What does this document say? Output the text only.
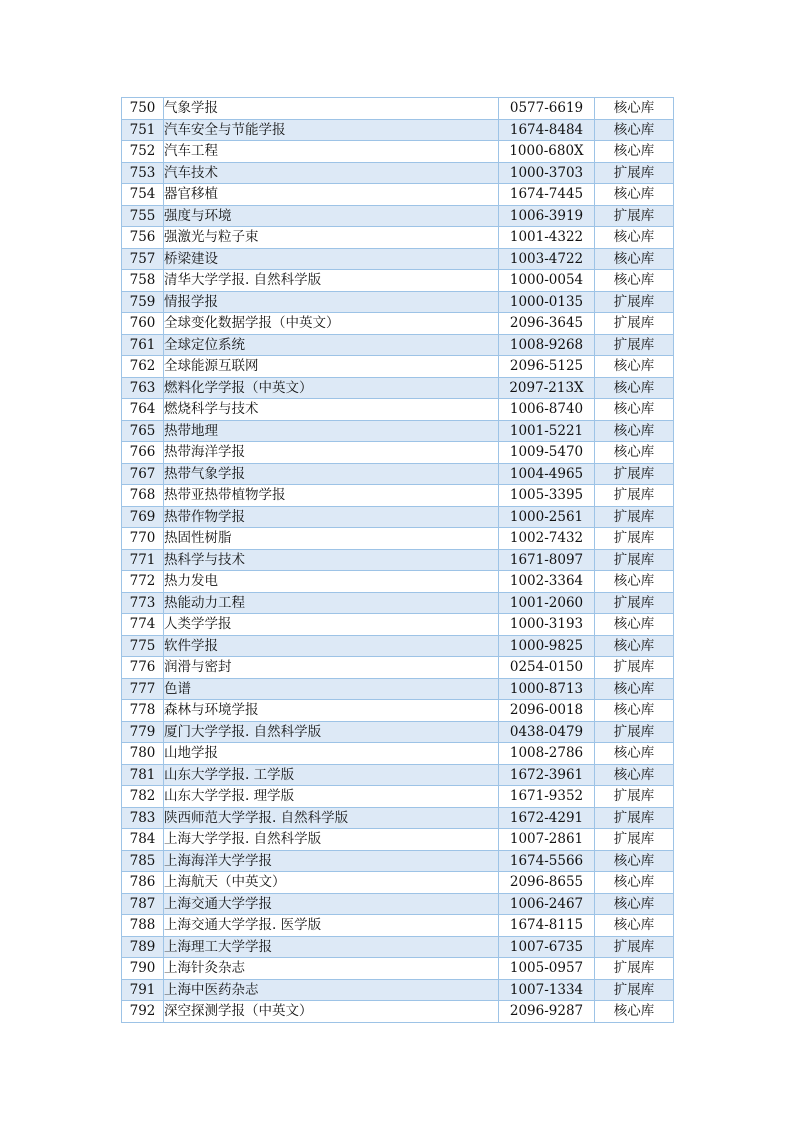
750	气象学报	0577-6619	核心库
751	汽车安全与节能学报	1674-8484	核心库
752	汽车工程	1000-680X	核心库
753	汽车技术	1000-3703	扩展库
754	器官移植	1674-7445	核心库
755	强度与环境	1006-3919	扩展库
756	强激光与粒子束	1001-4322	核心库
757	桥梁建设	1003-4722	核心库
758	清华大学学报. 自然科学版	1000-0054	核心库
759	情报学报	1000-0135	扩展库
760	全球变化数据学报（中英文）	2096-3645	扩展库
761	全球定位系统	1008-9268	扩展库
762	全球能源互联网	2096-5125	核心库
763	燃料化学学报（中英文）	2097-213X	核心库
764	燃烧科学与技术	1006-8740	核心库
765	热带地理	1001-5221	核心库
766	热带海洋学报	1009-5470	核心库
767	热带气象学报	1004-4965	扩展库
768	热带亚热带植物学报	1005-3395	扩展库
769	热带作物学报	1000-2561	扩展库
770	热固性树脂	1002-7432	扩展库
771	热科学与技术	1671-8097	扩展库
772	热力发电	1002-3364	核心库
773	热能动力工程	1001-2060	扩展库
774	人类学学报	1000-3193	核心库
775	软件学报	1000-9825	核心库
776	润滑与密封	0254-0150	扩展库
777	色谱	1000-8713	核心库
778	森林与环境学报	2096-0018	核心库
779	厦门大学学报. 自然科学版	0438-0479	扩展库
780	山地学报	1008-2786	核心库
781	山东大学学报. 工学版	1672-3961	核心库
782	山东大学学报. 理学版	1671-9352	扩展库
783	陕西师范大学学报. 自然科学版	1672-4291	扩展库
784	上海大学学报. 自然科学版	1007-2861	扩展库
785	上海海洋大学学报	1674-5566	核心库
786	上海航天（中英文）	2096-8655	核心库
787	上海交通大学学报	1006-2467	核心库
788	上海交通大学学报. 医学版	1674-8115	核心库
789	上海理工大学学报	1007-6735	扩展库
790	上海针灸杂志	1005-0957	扩展库
791	上海中医药杂志	1007-1334	扩展库
792	深空探测学报（中英文）	2096-9287	核心库
